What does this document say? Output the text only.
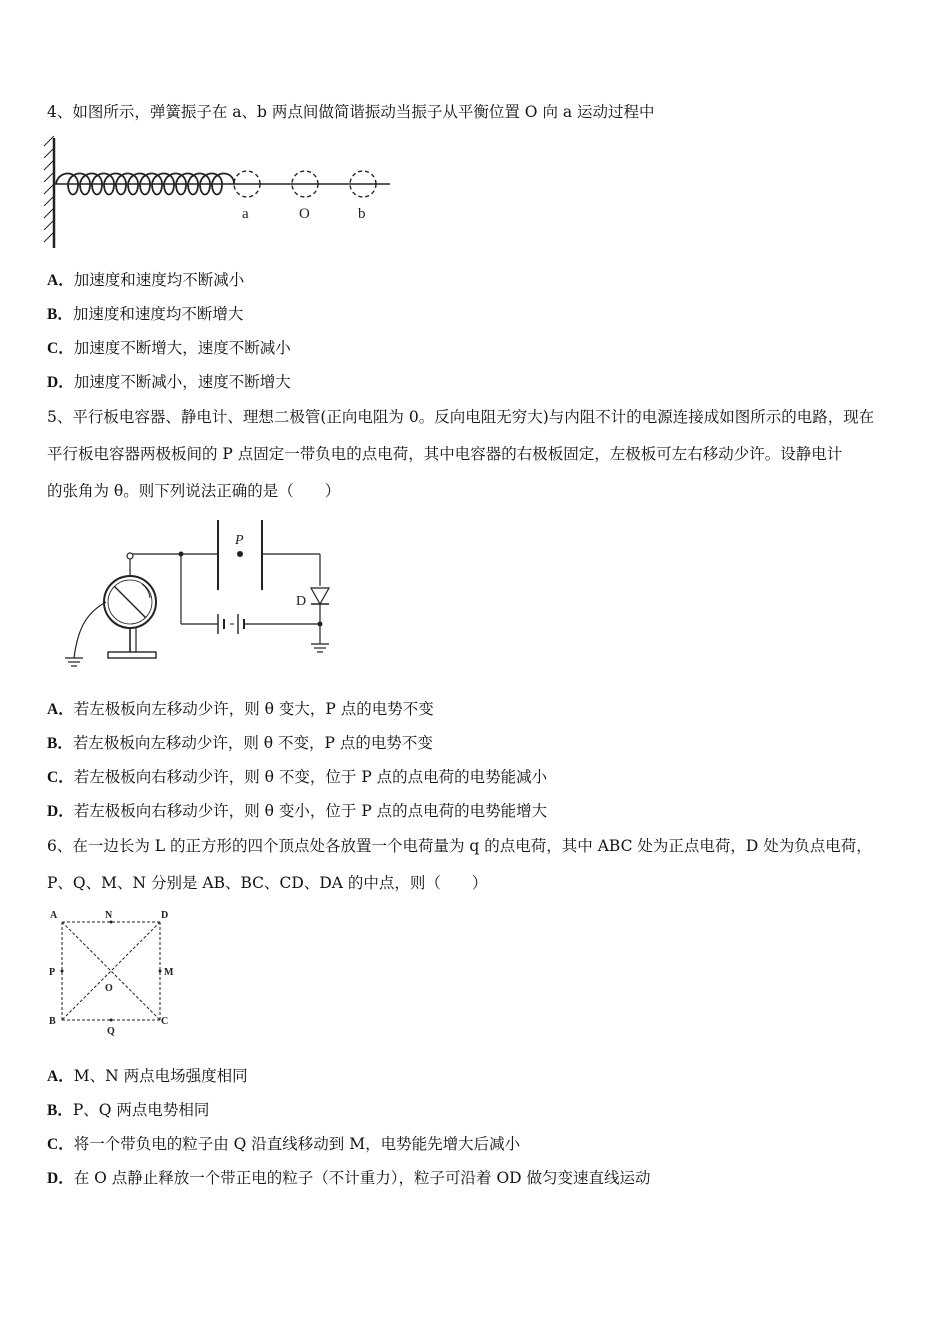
4、如图所示，弹簧振子在 a、b 两点间做简谐振动当振子从平衡位置 O 向 a 运动过程中
a	O	b
A．加速度和速度均不断减小
B．加速度和速度均不断增大
C．加速度不断增大，速度不断减小
D．加速度不断减小，速度不断增大
5、平行板电容器、静电计、理想二极管(正向电阻为 0。反向电阻无穷大)与内阻不计的电源连接成如图所示的电路，现在
平行板电容器两极板间的 P 点固定一带负电的点电荷，其中电容器的右极板固定，左极板可左右移动少许。设静电计
的张角为 θ。则下列说法正确的是（　　）
P
D
A．若左极板向左移动少许，则 θ 变大，P 点的电势不变
B．若左极板向左移动少许，则 θ 不变，P 点的电势不变
C．若左极板向右移动少许，则 θ 不变，位于 P 点的点电荷的电势能减小
D．若左极板向右移动少许，则 θ 变小，位于 P 点的点电荷的电势能增大
6、在一边长为 L 的正方形的四个顶点处各放置一个电荷量为 q 的点电荷，其中 ABC 处为正点电荷，D 处为负点电荷，
P、Q、M、N 分别是 AB、BC、CD、DA 的中点，则（　　）
A	N	D
P	M
O
B
Q
C
A．M、N 两点电场强度相同
B．P、Q 两点电势相同
C．将一个带负电的粒子由 Q 沿直线移动到 M，电势能先增大后减小
D．在 O 点静止释放一个带正电的粒子（不计重力），粒子可沿着 OD 做匀变速直线运动
